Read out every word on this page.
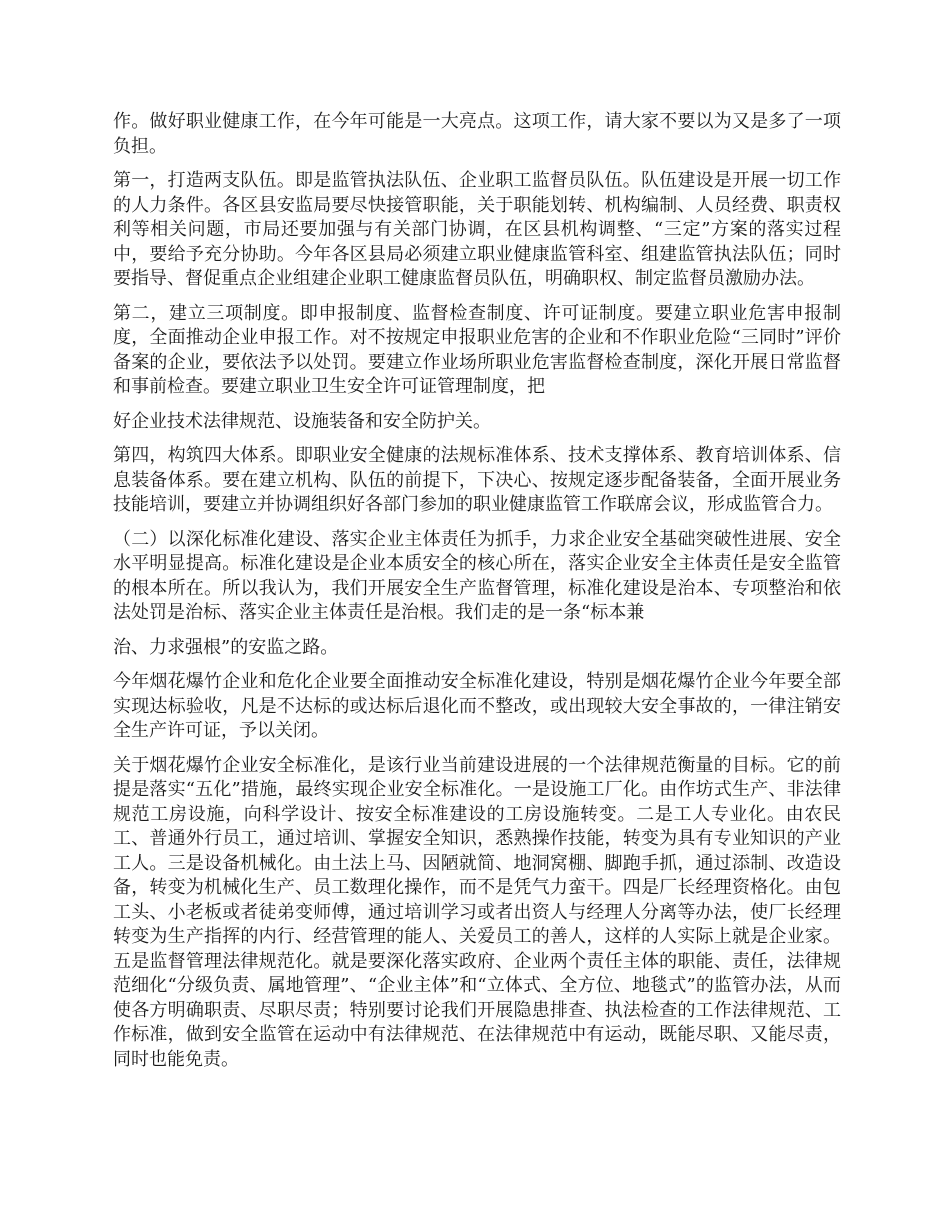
作。做好职业健康工作，在今年可能是一大亮点。这项工作，请大家不要以为又是多了一项负担。

第一，打造两支队伍。即是监管执法队伍、企业职工监督员队伍。队伍建设是开展一切工作的人力条件。各区县安监局要尽快接管职能，关于职能划转、机构编制、人员经费、职责权利等相关问题，市局还要加强与有关部门协调，在区县机构调整、“三定”方案的落实过程中，要给予充分协助。今年各区县局必须建立职业健康监管科室、组建监管执法队伍；同时要指导、督促重点企业组建企业职工健康监督员队伍，明确职权、制定监督员激励办法。

第二，建立三项制度。即申报制度、监督检查制度、许可证制度。要建立职业危害申报制度，全面推动企业申报工作。对不按规定申报职业危害的企业和不作职业危险“三同时”评价备案的企业，要依法予以处罚。要建立作业场所职业危害监督检查制度，深化开展日常监督和事前检查。要建立职业卫生安全许可证管理制度，把

好企业技术法律规范、设施装备和安全防护关。

第四，构筑四大体系。即职业安全健康的法规标准体系、技术支撑体系、教育培训体系、信息装备体系。要在建立机构、队伍的前提下，下决心、按规定逐步配备装备，全面开展业务技能培训，要建立并协调组织好各部门参加的职业健康监管工作联席会议，形成监管合力。

（二）以深化标准化建设、落实企业主体责任为抓手，力求企业安全基础突破性进展、安全水平明显提高。标准化建设是企业本质安全的核心所在，落实企业安全主体责任是安全监管的根本所在。所以我认为，我们开展安全生产监督管理，标准化建设是治本、专项整治和依法处罚是治标、落实企业主体责任是治根。我们走的是一条“标本兼

治、力求强根”的安监之路。

今年烟花爆竹企业和危化企业要全面推动安全标准化建设，特别是烟花爆竹企业今年要全部实现达标验收，凡是不达标的或达标后退化而不整改，或出现较大安全事故的，一律注销安全生产许可证，予以关闭。

关于烟花爆竹企业安全标准化，是该行业当前建设进展的一个法律规范衡量的目标。它的前提是落实“五化”措施，最终实现企业安全标准化。一是设施工厂化。由作坊式生产、非法律规范工房设施，向科学设计、按安全标准建设的工房设施转变。二是工人专业化。由农民工、普通外行员工，通过培训、掌握安全知识，悉熟操作技能，转变为具有专业知识的产业工人。三是设备机械化。由土法上马、因陋就简、地洞窝棚、脚跑手抓，通过添制、改造设备，转变为机械化生产、员工数理化操作，而不是凭气力蛮干。四是厂长经理资格化。由包工头、小老板或者徒弟变师傅，通过培训学习或者出资人与经理人分离等办法，使厂长经理转变为生产指挥的内行、经营管理的能人、关爱员工的善人，这样的人实际上就是企业家。五是监督管理法律规范化。就是要深化落实政府、企业两个责任主体的职能、责任，法律规范细化“分级负责、属地管理”、“企业主体”和“立体式、全方位、地毯式”的监管办法，从而使各方明确职责、尽职尽责；特别要讨论我们开展隐患排查、执法检查的工作法律规范、工作标准，做到安全监管在运动中有法律规范、在法律规范中有运动，既能尽职、又能尽责，同时也能免责。
